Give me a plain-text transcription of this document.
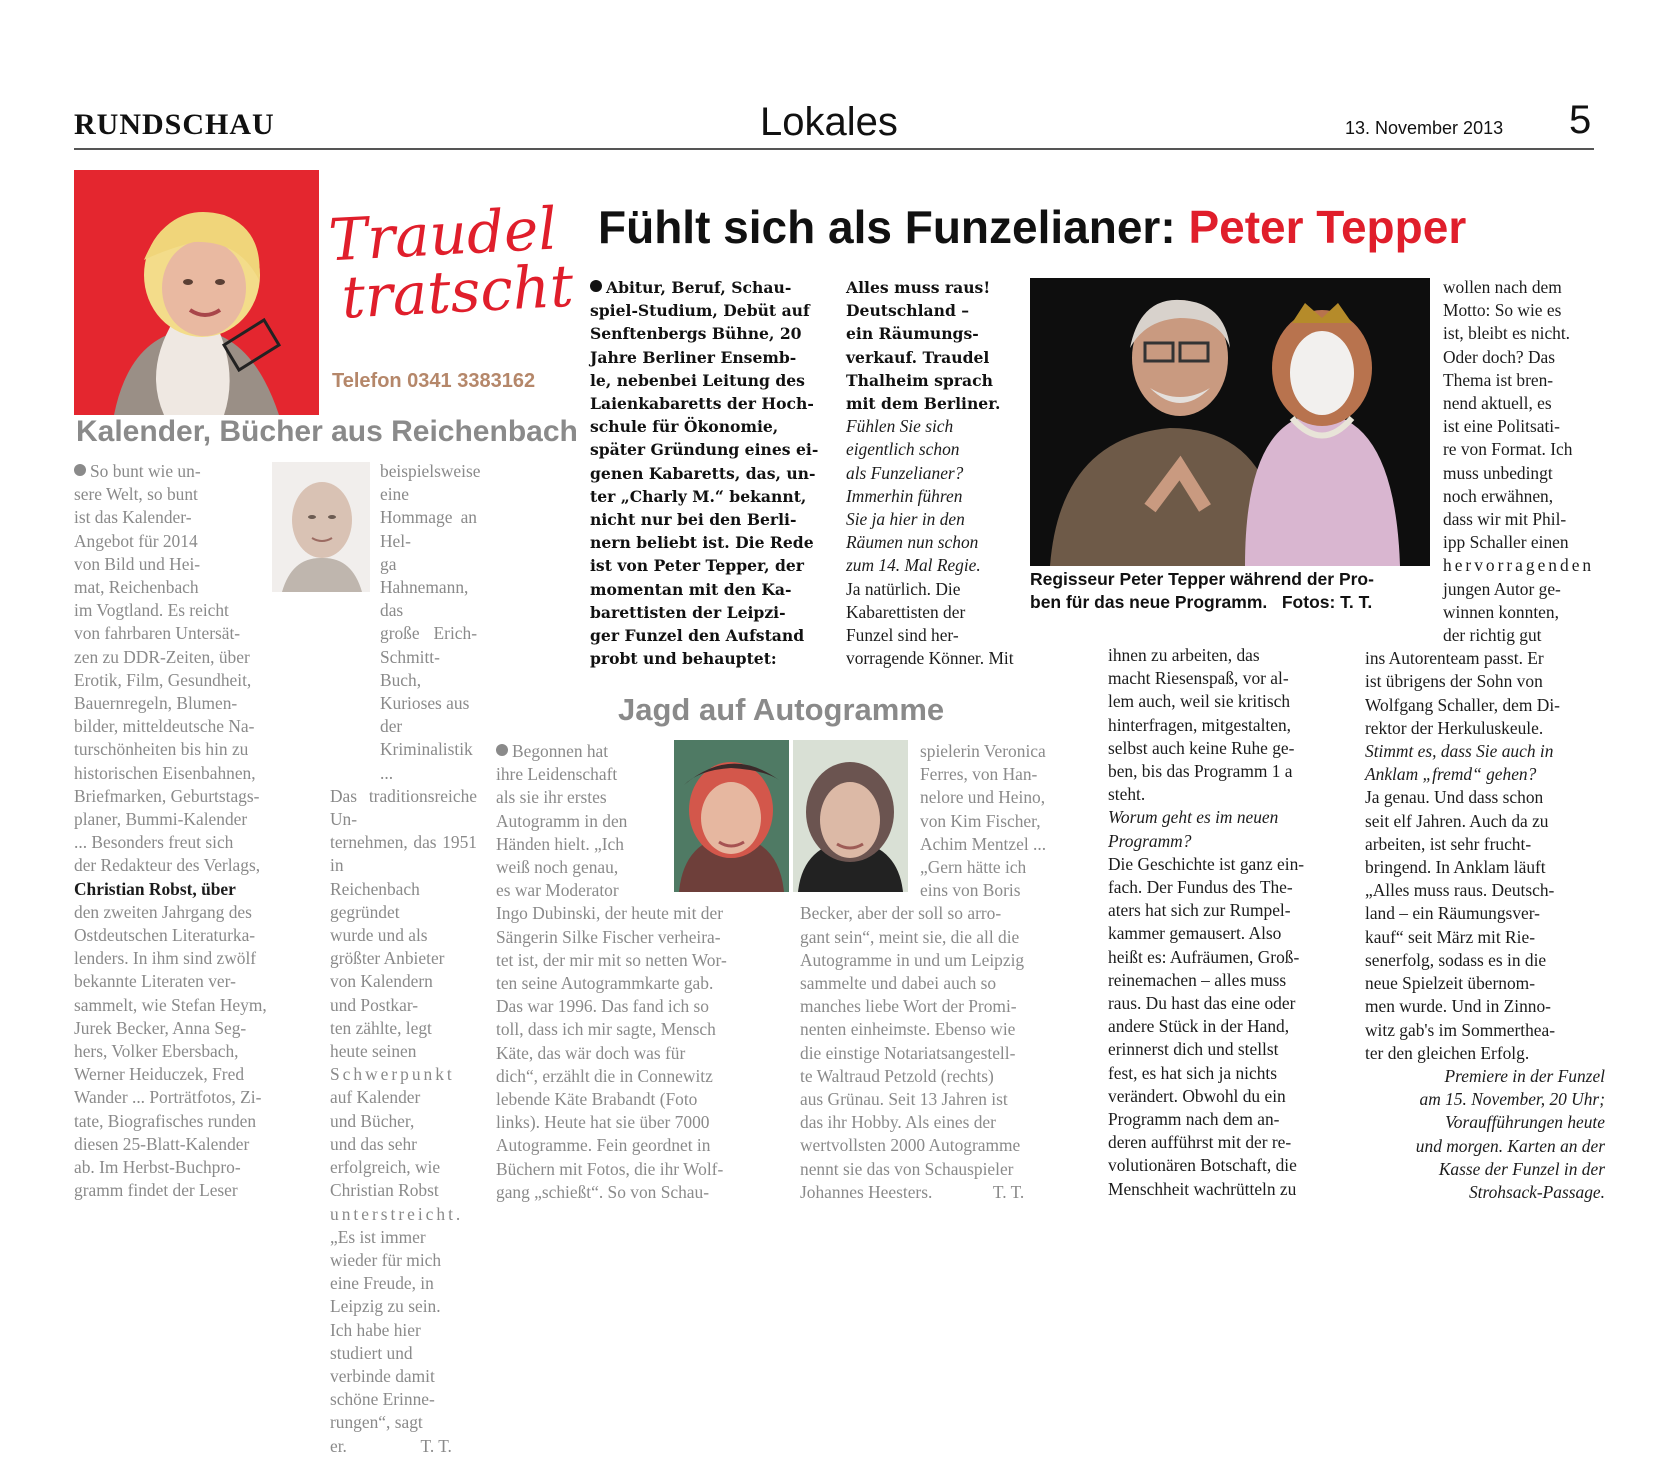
RUNDSCHAU	Lokales	13. November 2013 5
Traudel
tratscht
Telefon 0341 3383162
Kalender, Bücher aus Reichenbach

So bunt wie un-

sere Welt, so bunt

ist das Kalender-

Angebot für 2014

von Bild und Hei-

mat, Reichenbach

im Vogtland. Es reicht

von fahrbaren Untersät-

zen zu DDR-Zeiten, über

Erotik, Film, Gesundheit,

Bauernregeln, Blumen-

bilder, mitteldeutsche Na-

turschönheiten bis hin zu

historischen Eisenbahnen,

Briefmarken, Geburtstags-

planer, Bummi-Kalender

... Besonders freut sich

der Redakteur des Verlags,

Christian Robst, über

den zweiten Jahrgang des

Ostdeutschen Literaturka-

lenders. In ihm sind zwölf

bekannte Literaten ver-

sammelt, wie Stefan Heym,

Jurek Becker, Anna Seg-

hers, Volker Ebersbach,

Werner Heiduczek, Fred

Wander ... Porträtfotos, Zi-

tate, Biografisches runden

diesen 25-Blatt-Kalender

ab. Im Herbst-Buchpro-

gramm findet der Leser

beispielsweise eine

Hommage an Hel-

ga Hahnemann, das

große Erich-Schmitt-

Buch, Kurioses aus

der Kriminalistik ...

Das traditionsreiche Un-

ternehmen, das 1951 in

Reichenbach gegründet

wurde und als

größter Anbieter

von Kalendern

und Postkar-

ten zählte, legt

heute seinen

Schwerpunkt

auf Kalender

und Bücher,

und das sehr

erfolgreich, wie

Christian Robst

unterstreicht.

„Es ist immer

wieder für mich

eine Freude, in

Leipzig zu sein.

Ich habe hier

studiert und

verbinde damit

schöne Erinne-

rungen“, sagt

er.                 T. T.

Fühlt sich als Funzelianer: Peter Tepper

Abitur, Beruf, Schau-

spiel-Studium, Debüt auf

Senftenbergs Bühne, 20

Jahre Berliner Ensemb-

le, nebenbei Leitung des

Laienkabaretts der Hoch-

schule für Ökonomie,

später Gründung eines ei-

genen Kabaretts, das, un-

ter „Charly M.“ bekannt,

nicht nur bei den Berli-

nern beliebt ist. Die Rede

ist von Peter Tepper, der

momentan mit den Ka-

barettisten der Leipzi-

ger Funzel den Aufstand

probt und behauptet:

Alles muss raus!

Deutschland –

ein Räumungs-

verkauf. Traudel

Thalheim sprach

mit dem Berliner.

Fühlen Sie sich

eigentlich schon

als Funzelianer?

Immerhin führen

Sie ja hier in den

Räumen nun schon

zum 14. Mal Regie.

Ja natürlich. Die

Kabarettisten der

Funzel sind her-

vorragende Könner. Mit

Regisseur Peter Tepper während der Pro-
ben für das neue Programm.   Fotos: T. T.

ihnen zu arbeiten, das

macht Riesenspaß, vor al-

lem auch, weil sie kritisch

hinterfragen, mitgestalten,

selbst auch keine Ruhe ge-

ben, bis das Programm 1 a

steht.

Worum geht es im neuen

Programm?

Die Geschichte ist ganz ein-

fach. Der Fundus des The-

aters hat sich zur Rumpel-

kammer gemausert. Also

heißt es: Aufräumen, Groß-

reinemachen – alles muss

raus. Du hast das eine oder

andere Stück in der Hand,

erinnerst dich und stellst

fest, es hat sich ja nichts

verändert. Obwohl du ein

Programm nach dem an-

deren aufführst mit der re-

volutionären Botschaft, die

Menschheit wachrütteln zu

wollen nach dem

Motto: So wie es

ist, bleibt es nicht.

Oder doch? Das

Thema ist bren-

nend aktuell, es

ist eine Politsati-

re von Format. Ich

muss unbedingt

noch erwähnen,

dass wir mit Phil-

ipp Schaller einen

hervorragenden

jungen Autor ge-

winnen konnten,

der richtig gut

ins Autorenteam passt. Er

ist übrigens der Sohn von

Wolfgang Schaller, dem Di-

rektor der Herkuluskeule.

Stimmt es, dass Sie auch in

Anklam „fremd“ gehen?

Ja genau. Und dass schon

seit elf Jahren. Auch da zu

arbeiten, ist sehr frucht-

bringend. In Anklam läuft

„Alles muss raus. Deutsch-

land – ein Räumungsver-

kauf“ seit März mit Rie-

senerfolg, sodass es in die

neue Spielzeit übernom-

men wurde. Und in Zinno-

witz gab's im Sommerthea-

ter den gleichen Erfolg.

Premiere in der Funzel

am 15. November, 20 Uhr;

Voraufführungen heute

und morgen. Karten an der

Kasse der Funzel in der

Strohsack-Passage.

Jagd auf Autogramme

Begonnen hat

ihre Leidenschaft

als sie ihr erstes

Autogramm in den

Händen hielt. „Ich

weiß noch genau,

es war Moderator

Ingo Dubinski, der heute mit der

Sängerin Silke Fischer verheira-

tet ist, der mir mit so netten Wor-

ten seine Autogrammkarte gab.

Das war 1996. Das fand ich so

toll, dass ich mir sagte, Mensch

Käte, das wär doch was für

dich“, erzählt die in Connewitz

lebende Käte Brabandt (Foto

links). Heute hat sie über 7000

Autogramme. Fein geordnet in

Büchern mit Fotos, die ihr Wolf-

gang „schießt“. So von Schau-

spielerin Veronica

Ferres, von Han-

nelore und Heino,

von Kim Fischer,

Achim Mentzel ...

„Gern hätte ich

eins von Boris

Becker, aber der soll so arro-

gant sein“, meint sie, die all die

Autogramme in und um Leipzig

sammelte und dabei auch so

manches liebe Wort der Promi-

nenten einheimste. Ebenso wie

die einstige Notariatsangestell-

te Waltraud Petzold (rechts)

aus Grünau. Seit 13 Jahren ist

das ihr Hobby. Als eines der

wertvollsten 2000 Autogramme

nennt sie das von Schauspieler

Johannes Heesters.              T. T.
